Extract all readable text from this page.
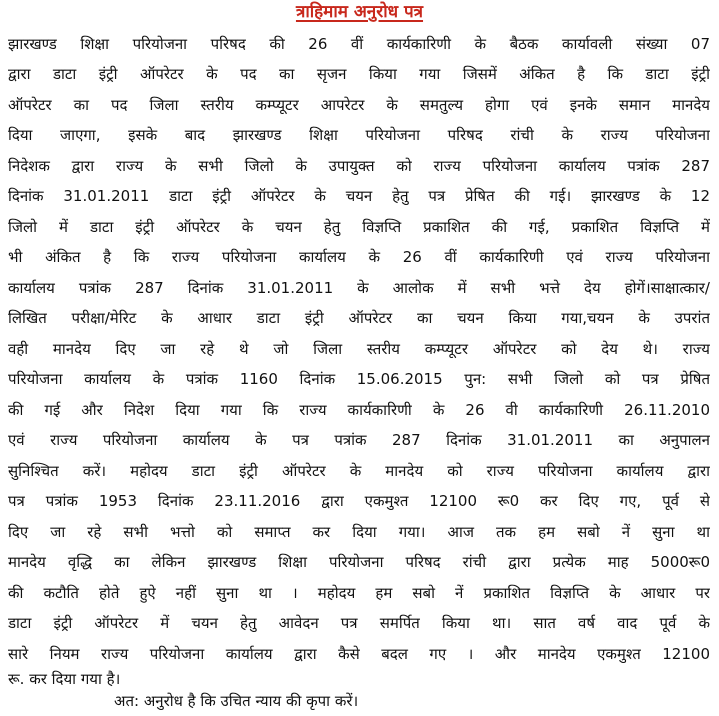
त्राहिमाम अनुरोध पत्र
झारखण्ड शिक्षा परियोजना परिषद की 26 वीं कार्यकारिणी के बैठक कार्यावली संख्या 07
द्वारा डाटा इंट्री ऑपरेटर के पद का सृजन किया गया जिसमें अंकित है कि डाटा इंट्री
ऑपरेटर का पद जिला स्तरीय कम्प्यूटर आपरेटर के समतुल्य होगा एवं इनके समान मानदेय
दिया जाएगा, इसके बाद झारखण्ड शिक्षा परियोजना परिषद रांची के राज्य परियोजना
निदेशक द्वारा राज्य के सभी जिलो के उपायुक्त को राज्य परियोजना कार्यालय पत्रांक 287
दिनांक 31.01.2011 डाटा इंट्री ऑपरेटर के चयन हेतु पत्र प्रेषित की गई। झारखण्ड के 12
जिलो में डाटा इंट्री ऑपरेटर के चयन हेतु विज्ञप्ति प्रकाशित की गई, प्रकाशित विज्ञप्ति में
भी अंकित है कि राज्य परियोजना कार्यालय के 26 वीं कार्यकारिणी एवं राज्य परियोजना
कार्यालय पत्रांक 287 दिनांक 31.01.2011 के आलोक में सभी भत्ते देय होगें।साक्षात्कार/
लिखित परीक्षा/मेरिट के आधार डाटा इंट्री ऑपरेटर का चयन किया गया,चयन के उपरांत
वही मानदेय दिए जा रहे थे जो जिला स्तरीय कम्प्यूटर ऑपरेटर को देय थे। राज्य
परियोजना कार्यालय के पत्रांक 1160 दिनांक 15.06.2015 पुन: सभी जिलो को पत्र प्रेषित
की गई और निदेश दिया गया कि राज्य कार्यकारिणी के 26 वी कार्यकारिणी 26.11.2010
एवं राज्य परियोजना कार्यालय के पत्र पत्रांक 287 दिनांक 31.01.2011 का अनुपालन
सुनिश्चित करें। महोदय डाटा इंट्री ऑपरेटर के मानदेय को राज्य परियोजना कार्यालय द्वारा
पत्र पत्रांक 1953 दिनांक 23.11.2016 द्वारा एकमुश्त 12100 रू0 कर दिए गए, पूर्व से
दिए जा रहे सभी भत्तो को समाप्त कर दिया गया। आज तक हम सबो नें सुना था
मानदेय वृद्धि का लेकिन झारखण्ड शिक्षा परियोजना परिषद रांची द्वारा प्रत्येक माह 5000रू0
की कटौति होते हुऐ नहीं सुना था । महोदय हम सबो नें प्रकाशित विज्ञप्ति के आधार पर
डाटा इंट्री ऑपरेटर में चयन हेतु आवेदन पत्र समर्पित किया था। सात वर्ष वाद पूर्व के
सारे नियम राज्य परियोजना कार्यालय द्वारा कैसे बदल गए । और मानदेय एकमुश्त 12100
रू. कर दिया गया है।
अत: अनुरोध है कि उचित न्याय की कृपा करें।
